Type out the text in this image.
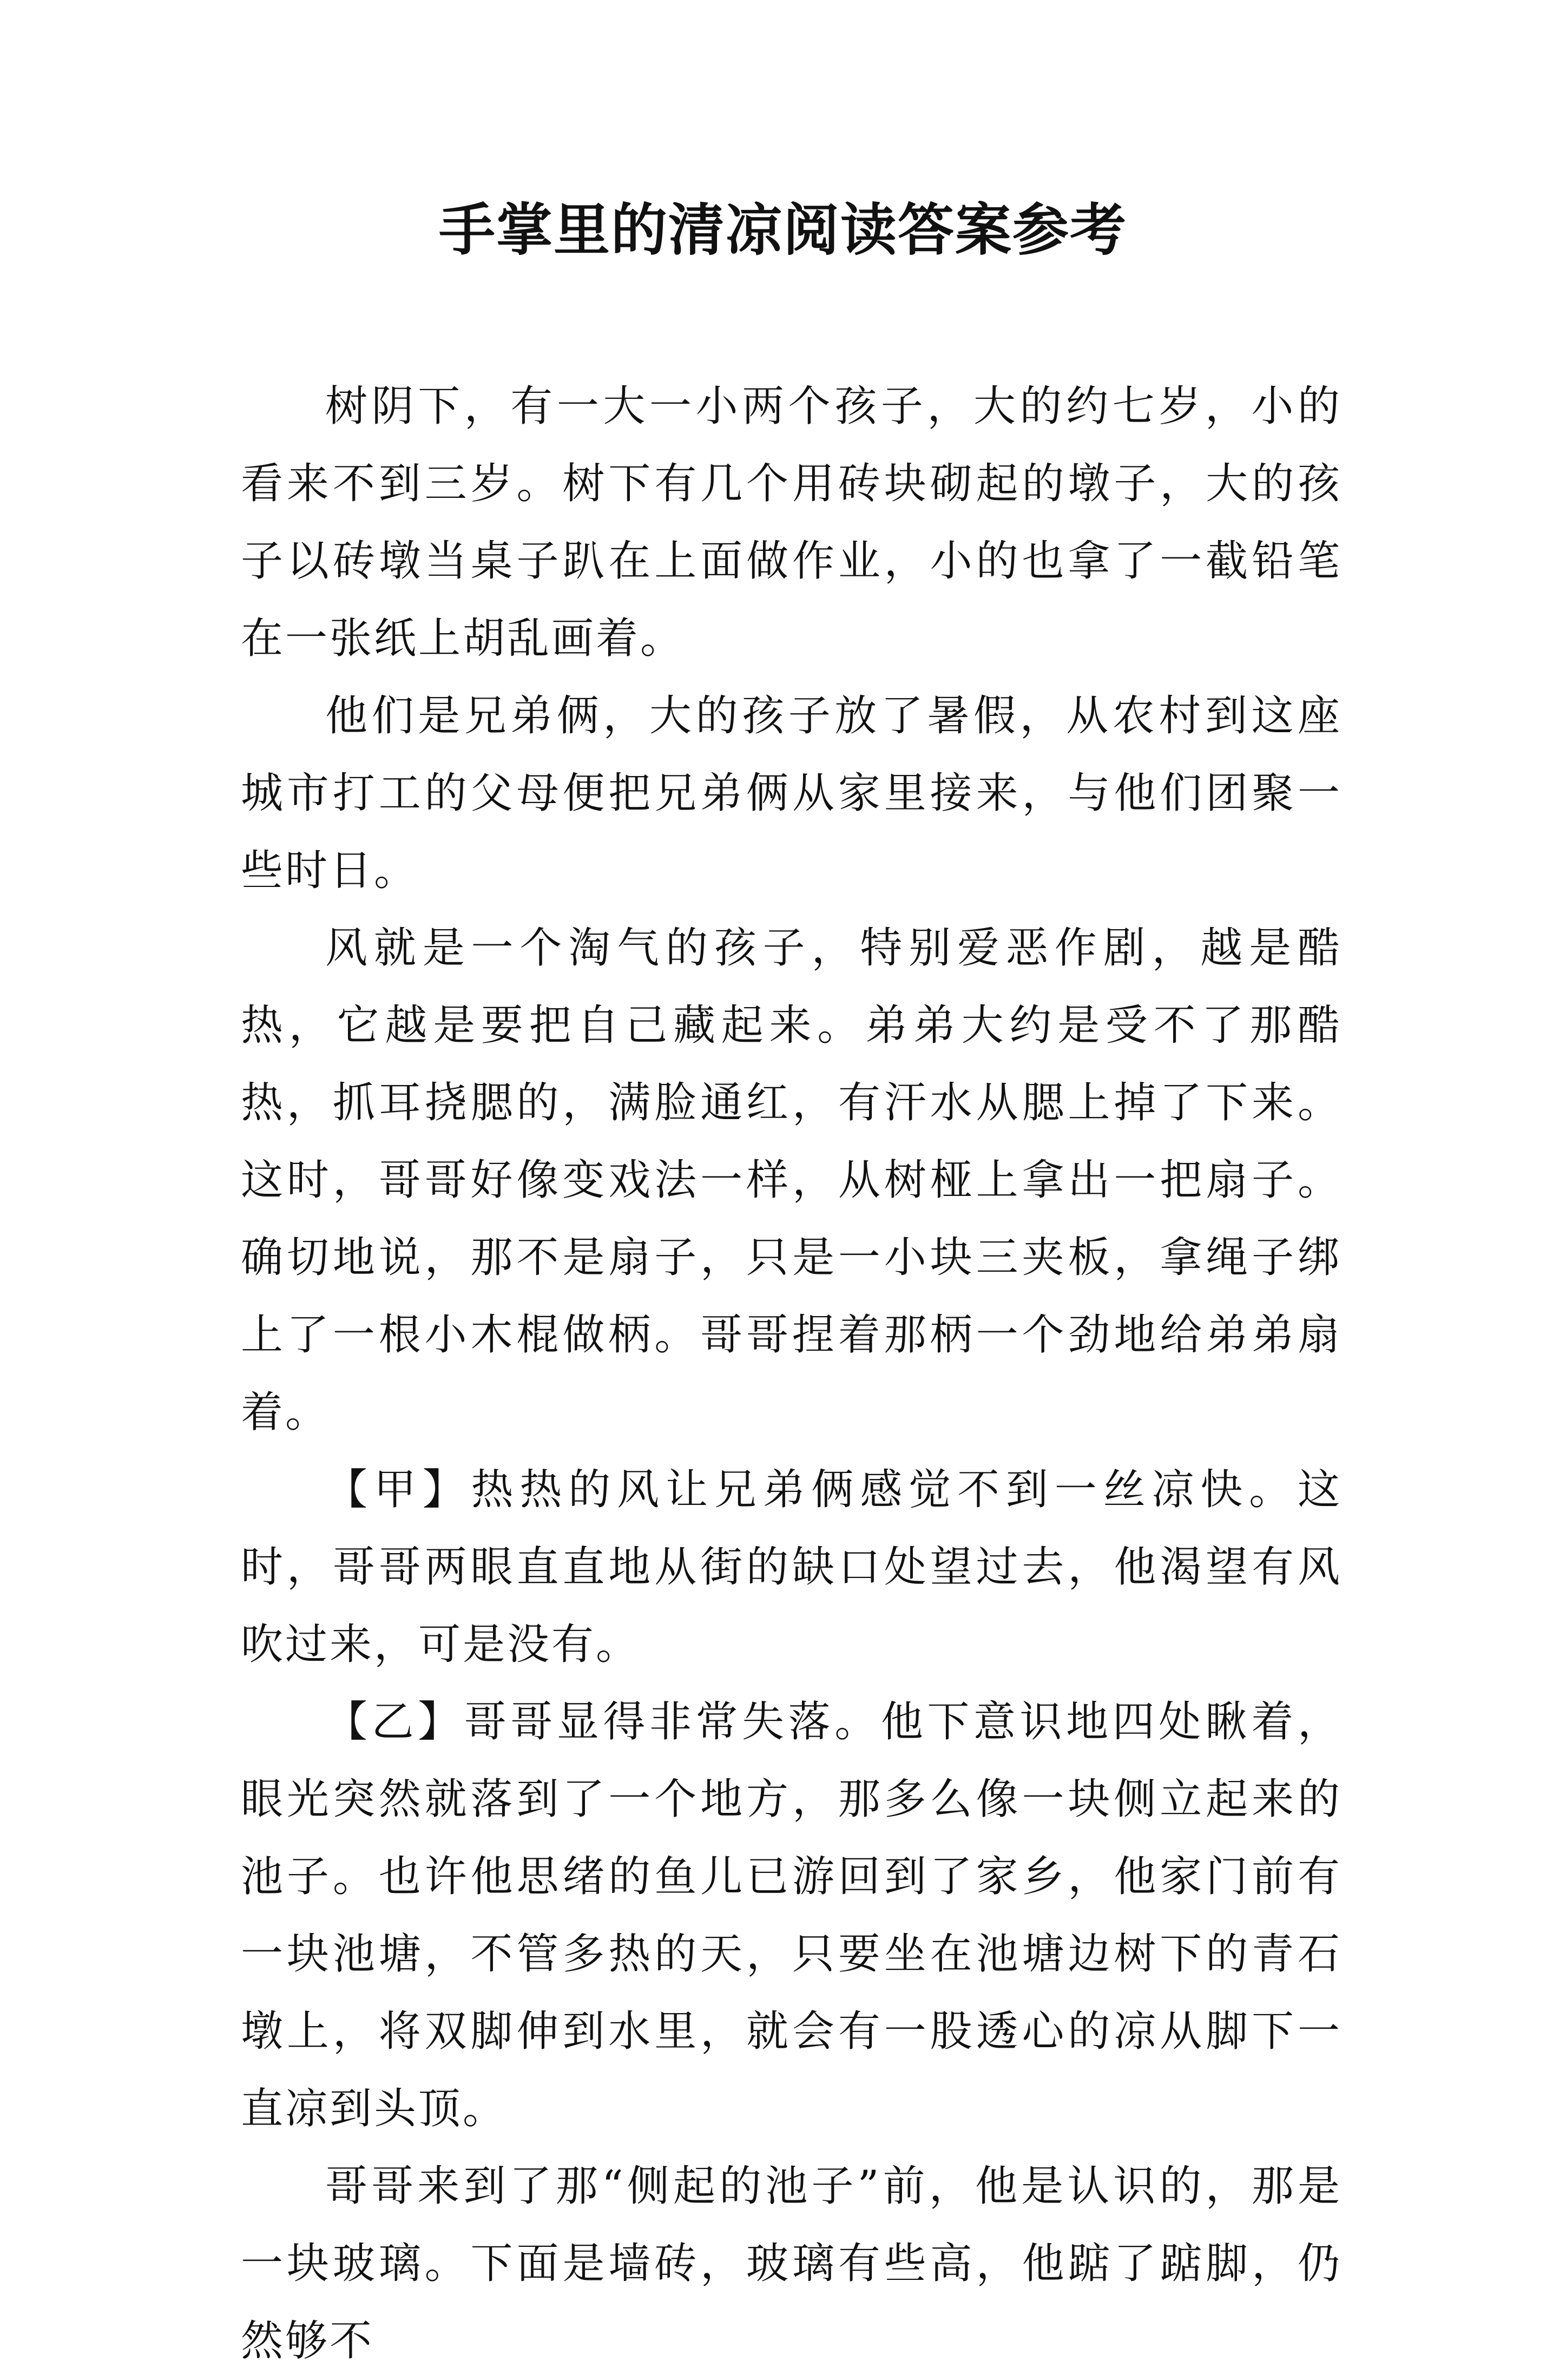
手掌里的清凉阅读答案参考

树阴下，有一大一小两个孩子，大的约七岁，小的看来不到三岁。树下有几个用砖块砌起的墩子，大的孩子以砖墩当桌子趴在上面做作业，小的也拿了一截铅笔在一张纸上胡乱画着。

他们是兄弟俩，大的孩子放了暑假，从农村到这座城市打工的父母便把兄弟俩从家里接来，与他们团聚一些时日。

风就是一个淘气的孩子，特别爱恶作剧，越是酷热，它越是要把自己藏起来。弟弟大约是受不了那酷热，抓耳挠腮的，满脸通红，有汗水从腮上掉了下来。这时，哥哥好像变戏法一样，从树桠上拿出一把扇子。确切地说，那不是扇子，只是一小块三夹板，拿绳子绑上了一根小木棍做柄。哥哥捏着那柄一个劲地给弟弟扇着。

【甲】热热的风让兄弟俩感觉不到一丝凉快。这时，哥哥两眼直直地从街的缺口处望过去，他渴望有风吹过来，可是没有。

【乙】哥哥显得非常失落。他下意识地四处瞅着，眼光突然就落到了一个地方，那多么像一块侧立起来的池子。也许他思绪的鱼儿已游回到了家乡，他家门前有一块池塘，不管多热的天，只要坐在池塘边树下的青石墩上，将双脚伸到水里，就会有一股透心的凉从脚下一直凉到头顶。

哥哥来到了那“侧起的池子”前，他是认识的，那是一块玻璃。下面是墙砖，玻璃有些高，他踮了踮脚，仍然够不
